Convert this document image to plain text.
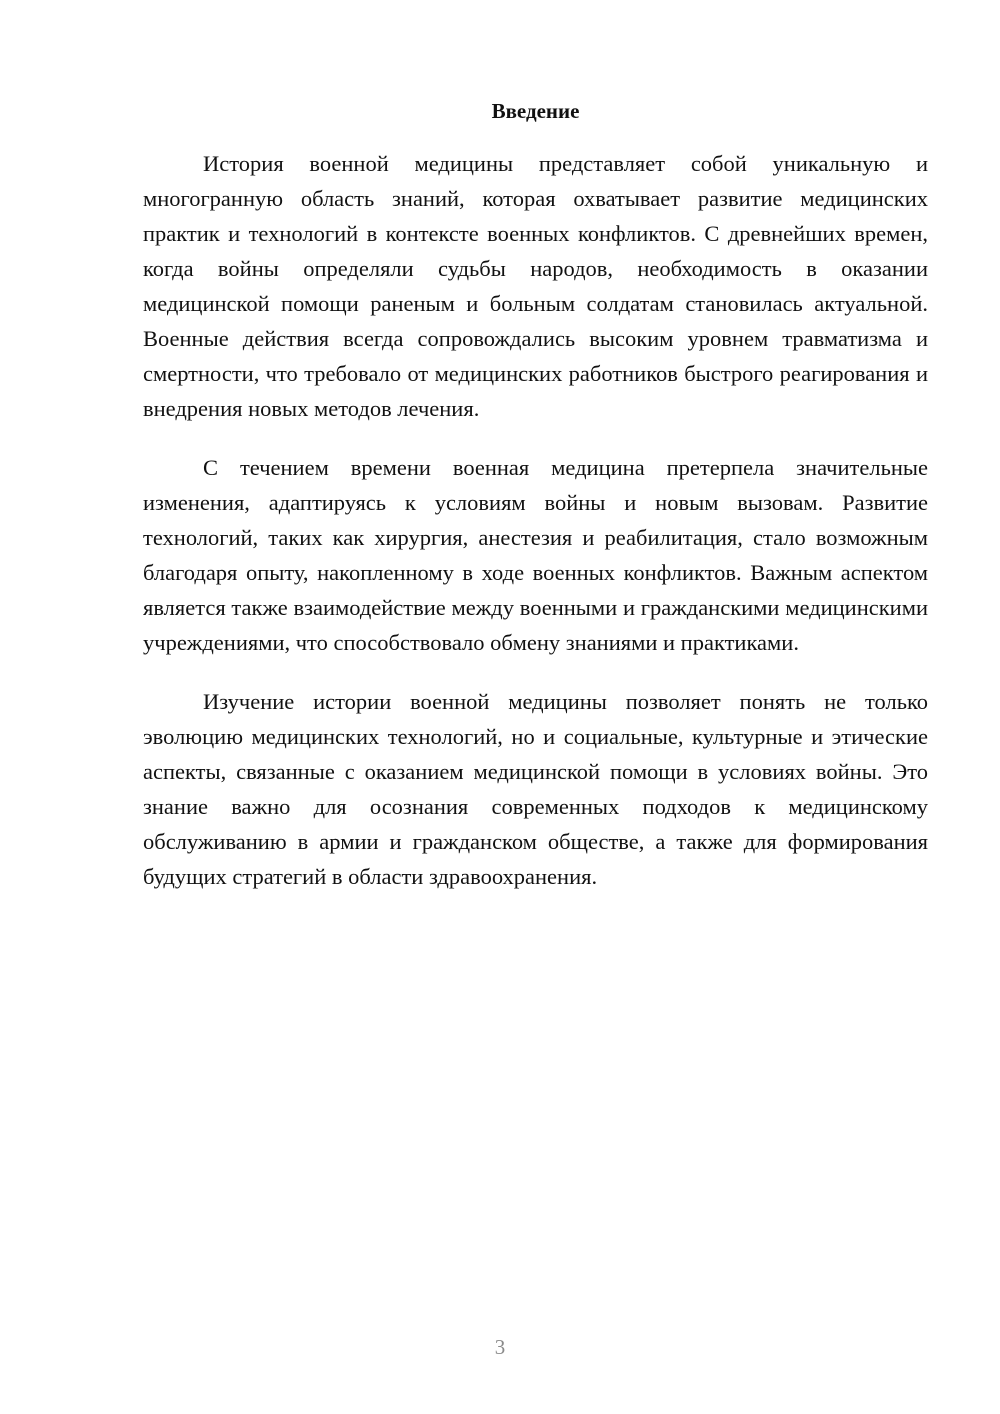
Введение

История военной медицины представляет собой уникальную и многогранную область знаний, которая охватывает развитие медицинских практик и технологий в контексте военных конфликтов. С древнейших времен, когда войны определяли судьбы народов, необходимость в оказании медицинской помощи раненым и больным солдатам становилась актуальной. Военные действия всегда сопровождались высоким уровнем травматизма и смертности, что требовало от медицинских работников быстрого реагирования и внедрения новых методов лечения.

С течением времени военная медицина претерпела значительные изменения, адаптируясь к условиям войны и новым вызовам. Развитие технологий, таких как хирургия, анестезия и реабилитация, стало возможным благодаря опыту, накопленному в ходе военных конфликтов. Важным аспектом является также взаимодействие между военными и гражданскими медицинскими учреждениями, что способствовало обмену знаниями и практиками.

Изучение истории военной медицины позволяет понять не только эволюцию медицинских технологий, но и социальные, культурные и этические аспекты, связанные с оказанием медицинской помощи в условиях войны. Это знание важно для осознания современных подходов к медицинскому обслуживанию в армии и гражданском обществе, а также для формирования будущих стратегий в области здравоохранения.

3
